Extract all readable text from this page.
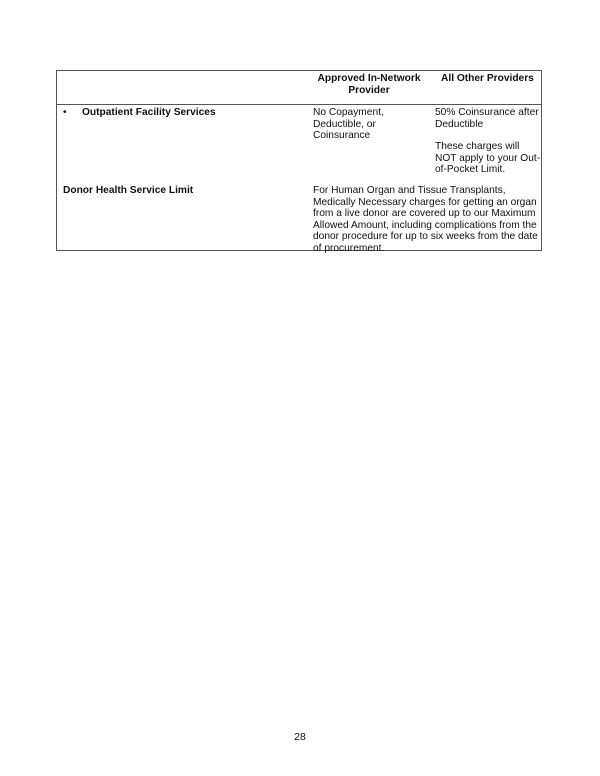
Approved In-Network
Provider
All Other Providers
• Outpatient Facility Services	No Copayment,
Deductible, or
Coinsurance
50% Coinsurance after
Deductible
These charges will
NOT apply to your Out-
of-Pocket Limit.
Donor Health Service Limit	For Human Organ and Tissue Transplants,
Medically Necessary charges for getting an organ
from a live donor are covered up to our Maximum
Allowed Amount, including complications from the
donor procedure for up to six weeks from the date
of procurement.
28
